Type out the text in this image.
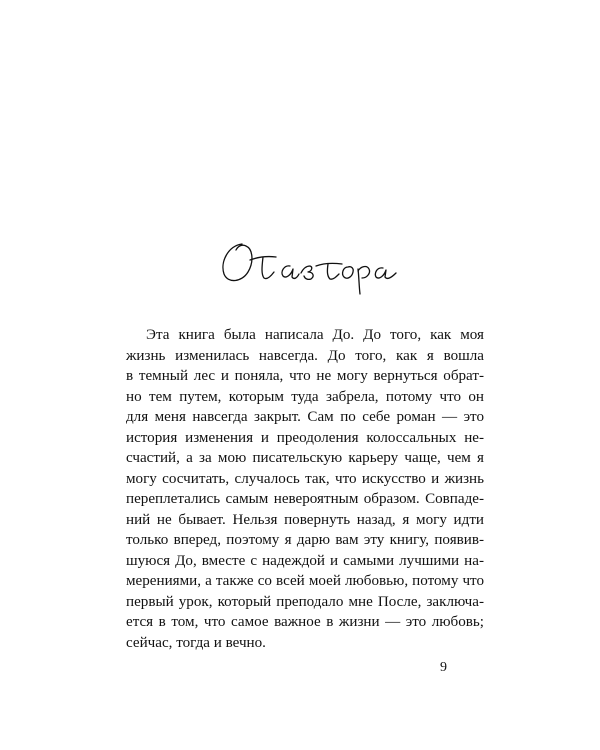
Эта книга была написала До. До того, как моя
жизнь изменилась навсегда. До того, как я вошла
в темный лес и поняла, что не могу вернуться обрат-
но тем путем, которым туда забрела, потому что он
для меня навсегда закрыт. Сам по себе роман — это
история изменения и преодоления колоссальных не-
счастий, а за мою писательскую карьеру чаще, чем я
могу сосчитать, случалось так, что искусство и жизнь
переплетались самым невероятным образом. Совпаде-
ний не бывает. Нельзя повернуть назад, я могу идти
только вперед, поэтому я дарю вам эту книгу, появив-
шуюся До, вместе с надеждой и самыми лучшими на-
мерениями, а также со всей моей любовью, потому что
первый урок, который преподало мне После, заключа-
ется в том, что самое важное в жизни — это любовь;
сейчас, тогда и вечно.
9
